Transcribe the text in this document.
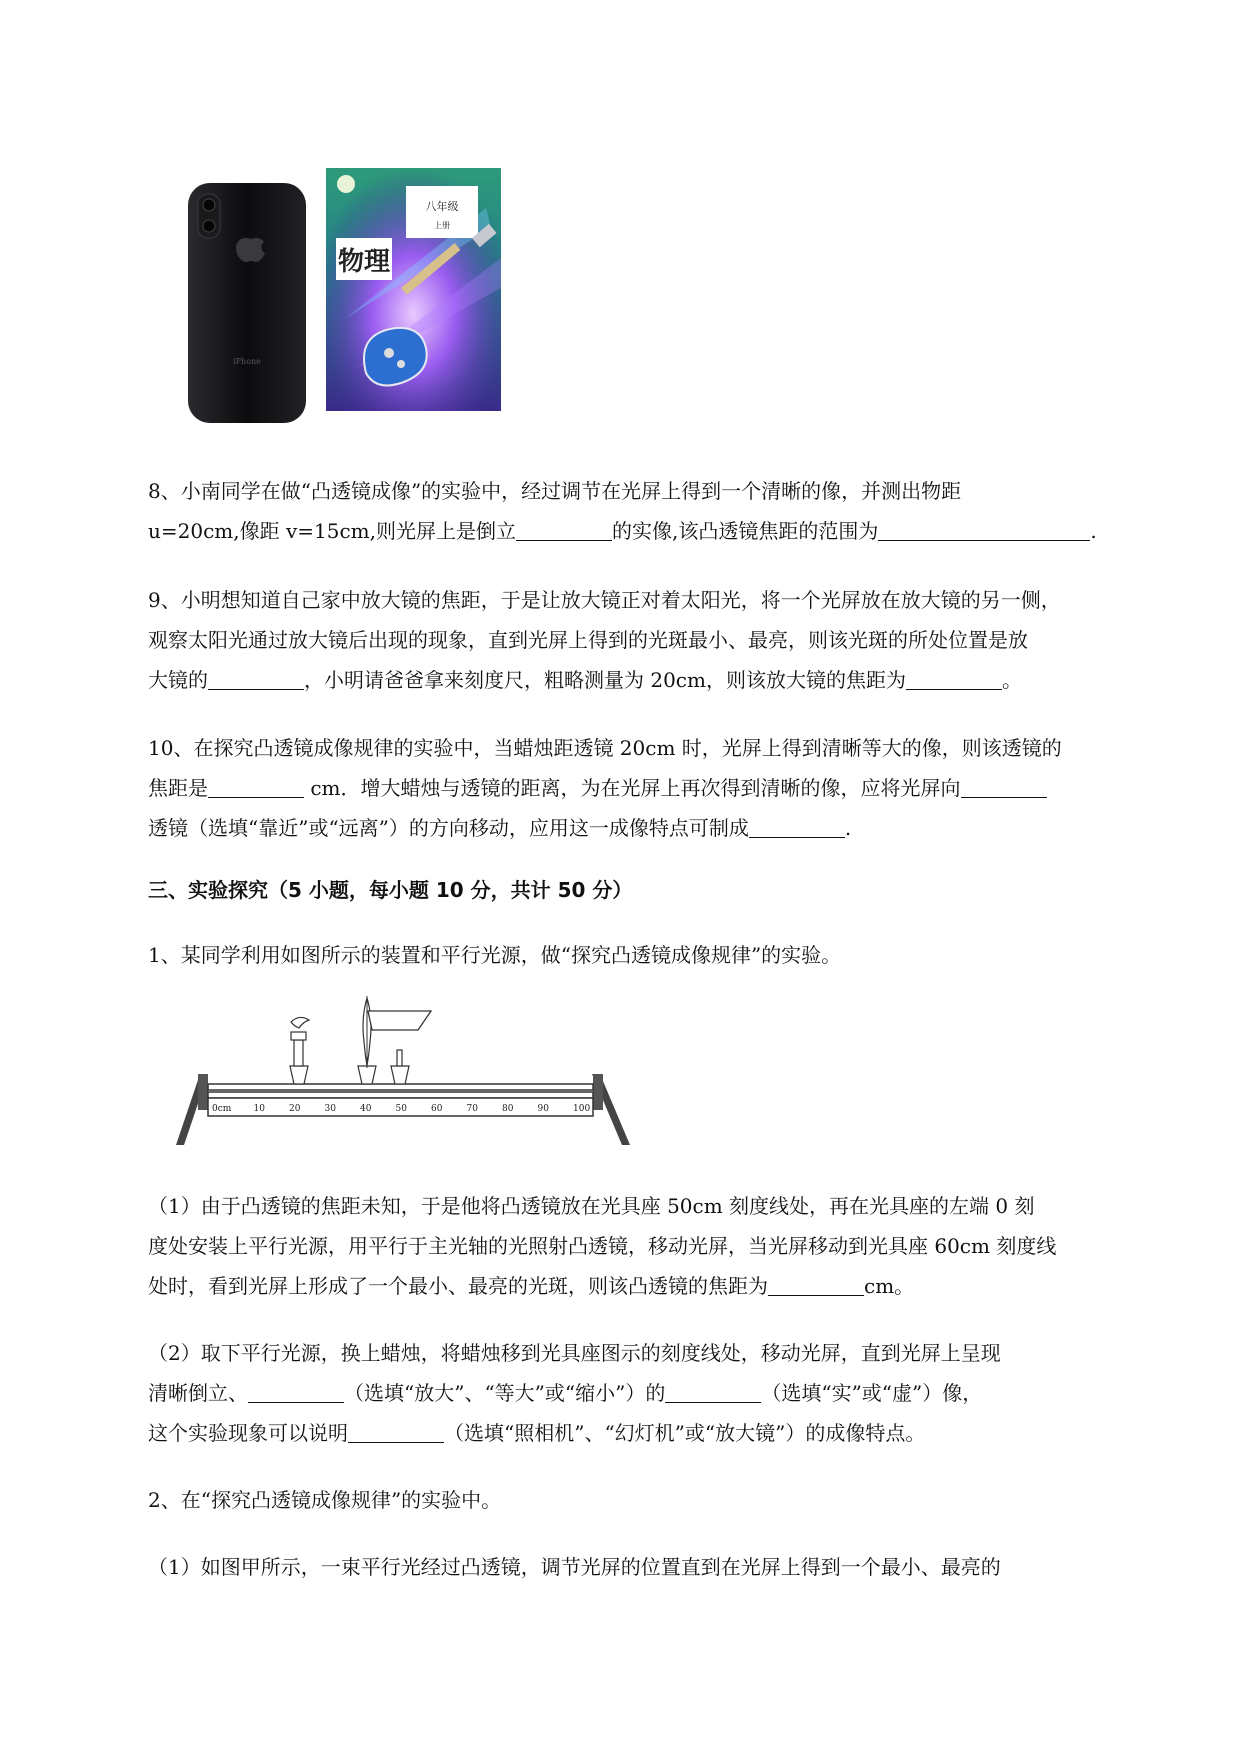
iPhone
八年级
上册
物理
8、小南同学在做“凸透镜成像”的实验中，经过调节在光屏上得到一个清晰的像，并测出物距
u=20cm,像距 v=15cm,则光屏上是倒立	的实像,该凸透镜焦距的范围为	.
9、小明想知道自己家中放大镜的焦距，于是让放大镜正对着太阳光，将一个光屏放在放大镜的另一侧，
观察太阳光通过放大镜后出现的现象，直到光屏上得到的光斑最小、最亮，则该光斑的所处位置是放
大镜的	，小明请爸爸拿来刻度尺，粗略测量为 20cm，则该放大镜的焦距为	。
10、在探究凸透镜成像规律的实验中，当蜡烛距透镜 20cm 时，光屏上得到清晰等大的像，则该透镜的
焦距是	cm．增大蜡烛与透镜的距离，为在光屏上再次得到清晰的像，应将光屏向
透镜（选填“靠近”或“远离”）的方向移动，应用这一成像特点可制成	.
三、实验探究（5 小题，每小题 10 分，共计 50 分）
1、某同学利用如图所示的装置和平行光源，做“探究凸透镜成像规律”的实验。
0cm 10	20	30	40	50	60	70	80	90	100
（1）由于凸透镜的焦距未知，于是他将凸透镜放在光具座 50cm 刻度线处，再在光具座的左端 0 刻
度处安装上平行光源，用平行于主光轴的光照射凸透镜，移动光屏，当光屏移动到光具座 60cm 刻度线
处时，看到光屏上形成了一个最小、最亮的光斑，则该凸透镜的焦距为	cm。
（2）取下平行光源，换上蜡烛，将蜡烛移到光具座图示的刻度线处，移动光屏，直到光屏上呈现
清晰倒立、	（选填“放大”、“等大”或“缩小”）的	（选填“实”或“虚”）像，
这个实验现象可以说明	（选填“照相机”、“幻灯机”或“放大镜”）的成像特点。
2、在“探究凸透镜成像规律”的实验中。
（1）如图甲所示，一束平行光经过凸透镜，调节光屏的位置直到在光屏上得到一个最小、最亮的
